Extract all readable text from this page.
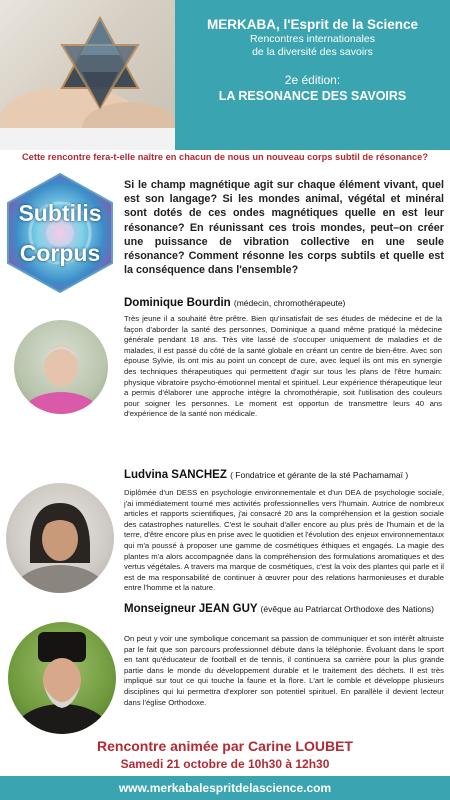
MERKABA, l'Esprit de la Science
Rencontres internationales
de la diversité des savoirs
2e édition:
LA RESONANCE DES SAVOIRS
Cette rencontre fera-t-elle naître en chacun de nous un nouveau corps subtil de résonance?
Subtilis
Corpus
Si le champ magnétique agit sur chaque élément vivant, quel est son langage? Si les mondes animal, végétal et minéral sont dotés de ces ondes magnétiques quelle en est leur résonance? En réunissant ces trois mondes, peut–on créer une puissance de vibration collective en une seule résonance? Comment résonne les corps subtils et quelle est la conséquence dans l'ensemble?
Dominique Bourdin (médecin, chromothérapeute)
Très jeune il a souhaité être prêtre. Bien qu'insatisfait de ses études de médecine et de la façon d'aborder la santé des personnes, Dominique a quand même pratiqué la médecine générale pendant 18 ans. Très vite lassé de s'occuper uniquement de maladies et de malades, il est passé du côté de la santé globale en créant un centre de bien-être. Avec son épouse Sylvie, ils ont mis au point un concept de cure, avec lequel ils ont mis en synergie des techniques thérapeutiques qui permettent d'agir sur tous les plans de l'être humain: physique vibratoire psycho-émotionnel mental et spirituel. Leur expérience thérapeutique leur a permis d'élaborer une approche intègre la chromothérapie, soit l'utilisation des couleurs pour soigner les personnes. Le moment est opportun de transmettre leurs 40 ans d'expérience de la santé non médicale.
Ludvina SANCHEZ ( Fondatrice et gérante de la sté Pachamamaï )
Diplômée d'un DESS en psychologie environnementale et d'un DEA de psychologie sociale, j'ai immédiatement tourné mes activités professionnelles vers l'humain. Autrice de nombreux articles et rapports scientifiques, j'ai consacré 20 ans la compréhension et la gestion sociale des catastrophes naturelles. C'est le souhait d'aller encore au plus près de l'humain et de la terre, d'être encore plus en prise avec le quotidien et l'évolution des enjeux environnementaux qui m'a poussé à proposer une gamme de cosmétiques éthiques et engagés. La magie des plantes m'a alors accompagnée dans la compréhension des formulations aromatiques et des vertus végétales. A travers ma marque de cosmétiques, c'est la voix des plantes qui parle et il est de ma responsabilité de continuer à œuvrer pour des relations harmonieuses et durable entre l'homme et la nature.
Monseigneur JEAN GUY (évêque au Patriarcat Orthodoxe des Nations)
On peut y voir une symbolique concernant sa passion de communiquer et son intérêt altruiste par le fait que son parcours professionnel débute dans la téléphonie. Évoluant dans le sport en tant qu'éducateur de football et de tennis, il continuera sa carrière pour la plus grande partie dans le monde du développement durable et le traitement des déchets. Il est très impliqué sur tout ce qui touche la faune et la flore. L'art le comble et développe plusieurs disciplines qui lui permettra d'explorer son potentiel spirituel. En parallèle il devient lecteur dans l'église Orthodoxe.
Rencontre animée par Carine LOUBET
Samedi 21 octobre de 10h30 à 12h30
www.merkabalesprit​delascience.com
